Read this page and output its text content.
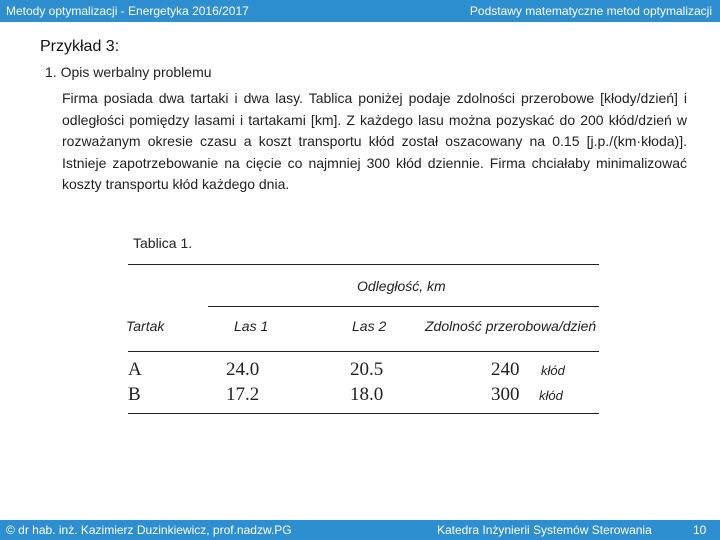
Metody optymalizacji - Energetyka 2016/2017	Podstawy matematyczne metod optymalizacji
Przykład 3:
1. Opis werbalny problemu
Firma posiada dwa tartaki i dwa lasy. Tablica poniżej podaje zdolności przerobowe [kłody/dzień] i odległości pomiędzy lasami i tartakami [km]. Z każdego lasu można pozyskać do 200 kłód/dzień w rozważanym okresie czasu a koszt transportu kłód został oszacowany na 0.15 [j.p./(km·kłoda)]. Istnieje zapotrzebowanie na cięcie co najmniej 300 kłód dziennie. Firma chciałaby minimalizować koszty transportu kłód każdego dnia.
Tablica 1.
Odległość, km
Tartak	Las 1	Las 2	Zdolność przerobowa/dzień
A	24.0	20.5	240 kłód
B	17.2	18.0	300 kłód
© dr hab. inż. Kazimierz Duzinkiewicz, prof.nadzw.PG	Katedra Inżynierii Systemów Sterowania	10
